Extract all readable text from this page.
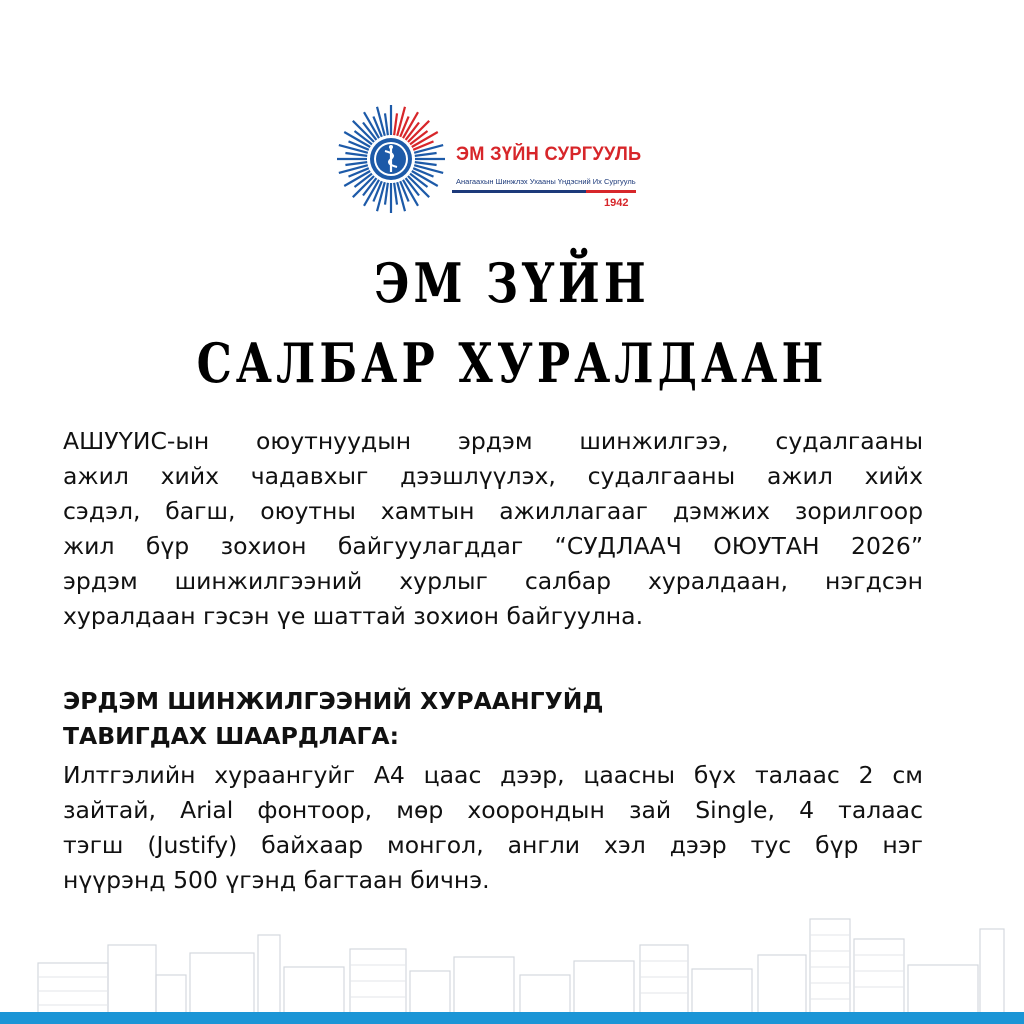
ЭМ ЗҮЙН СУРГУУЛЬ
Анагаахын Шинжлэх Ухааны Үндэсний Их Сургууль
1942
ЭМ ЗҮЙН
САЛБАР ХУРАЛДААН
АШУҮИС-ын оюутнуудын эрдэм шинжилгээ, судалгааны
ажил хийх чадавхыг дээшлүүлэх, судалгааны ажил хийх
сэдэл, багш, оюутны хамтын ажиллагааг дэмжих зорилгоор
жил бүр зохион байгуулагддаг “СУДЛААЧ ОЮУТАН 2026”
эрдэм шинжилгээний хурлыг салбар хуралдаан, нэгдсэн
хуралдаан гэсэн үе шаттай зохион байгуулна.
ЭРДЭМ ШИНЖИЛГЭЭНИЙ ХУРААНГУЙД
ТАВИГДАХ ШААРДЛАГА:
Илтгэлийн хураангуйг А4 цаас дээр, цаасны бүх талаас 2 см
зайтай, Arial фонтоор, мөр хоорондын зай Single, 4 талаас
тэгш (Justify) байхаар монгол, англи хэл дээр тус бүр нэг
нүүрэнд 500 үгэнд багтаан бичнэ.
